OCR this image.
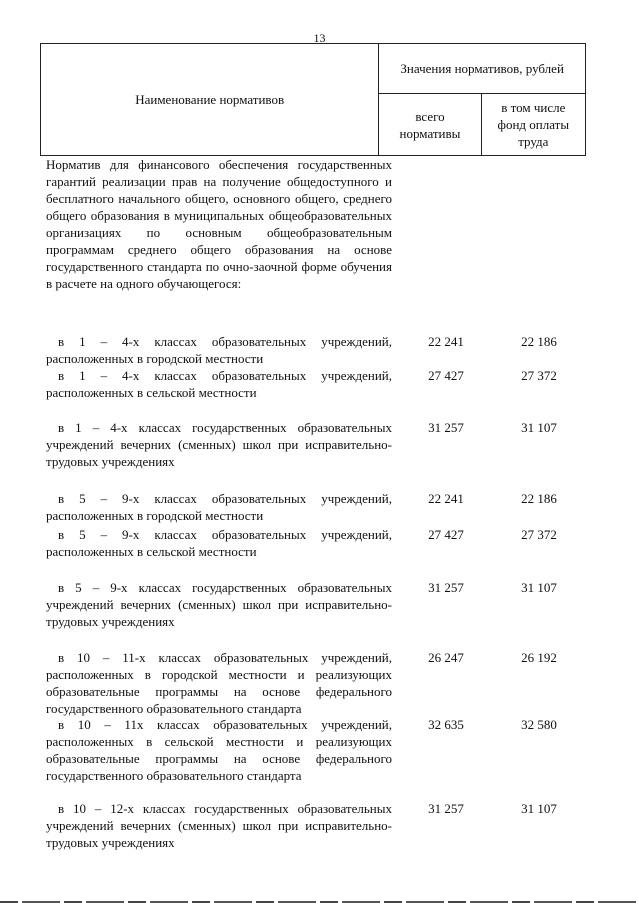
13
Наименование нормативов	Значения нормативов, рублей	
	всего нормативы	в том числе фонд оплаты труда
Норматив для финансового обеспечения государственных гарантий реализации прав на получение общедоступного и бесплатного начального общего, основного общего, среднего общего образования в муниципальных общеобразовательных организациях по основным общеобразовательным программам среднего общего образования на основе государственного стандарта по очно-заочной форме обучения в расчете на одного обучающегося:
в 1 – 4-х классах образовательных учреждений, расположенных в городской местности
22 241	22 186
в 1 – 4-х классах образовательных учреждений, расположенных в сельской местности
27 427	27 372
в 1 – 4-х классах государственных образовательных учреждений вечерних (сменных) школ при исправительно-трудовых учреждениях
31 257	31 107
в 5 – 9-х классах образовательных учреждений, расположенных в городской местности
22 241	22 186
в 5 – 9-х классах образовательных учреждений, расположенных в сельской местности
27 427	27 372
в 5 – 9-х классах государственных образовательных учреждений вечерних (сменных) школ при исправительно-трудовых учреждениях
31 257	31 107
в 10 – 11-х классах образовательных учреждений, расположенных в городской местности и реализующих образовательные программы на основе федерального государственного образовательного стандарта
26 247	26 192
в 10 – 11х классах образовательных учреждений, расположенных в сельской местности и реализующих образовательные программы на основе федерального государственного образовательного стандарта
32 635	32 580
в 10 – 12-х классах государственных образовательных учреждений вечерних (сменных) школ при исправительно-трудовых учреждениях
31 257	31 107
